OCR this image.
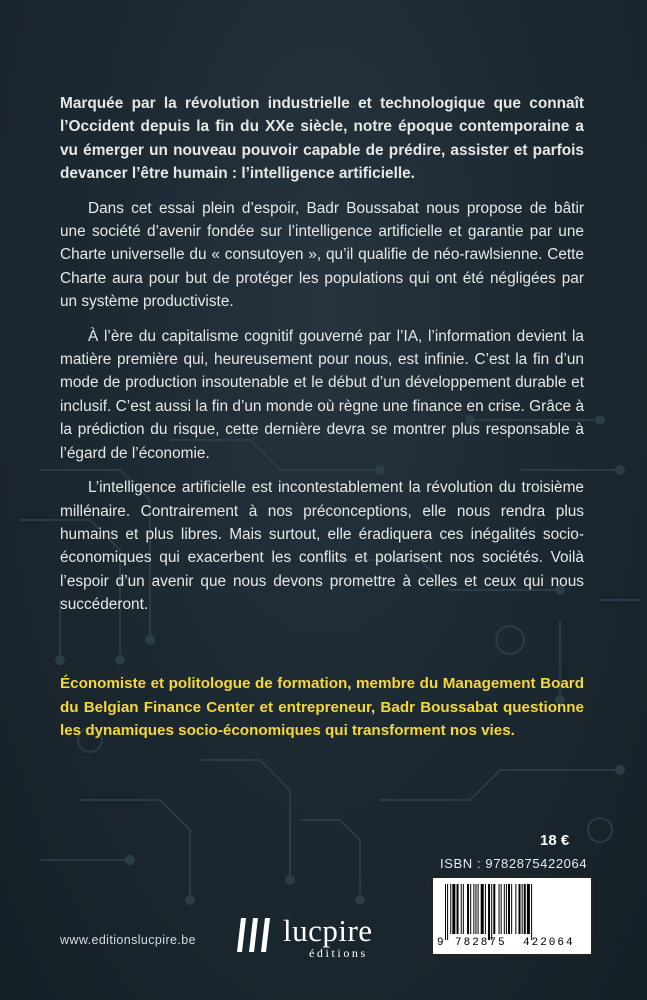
Marquée par la révolution industrielle et technologique que connaît l’Occident depuis la fin du XXe siècle, notre époque contemporaine a vu émerger un nouveau pouvoir capable de prédire, assister et parfois devancer l’être humain : l’intelligence artificielle.

Dans cet essai plein d’espoir, Badr Boussabat nous propose de bâtir une société d’avenir fondée sur l’intelligence artificielle et garantie par une Charte universelle du « consutoyen », qu’il qualifie de néo-rawlsienne. Cette Charte aura pour but de protéger les populations qui ont été négligées par un système productiviste.

À l’ère du capitalisme cognitif gouverné par l’IA, l’information devient la matière première qui, heureusement pour nous, est infinie. C’est la fin d’un mode de production insoutenable et le début d’un développement durable et inclusif. C’est aussi la fin d’un monde où règne une finance en crise. Grâce à la prédiction du risque, cette dernière devra se montrer plus responsable à l’égard de l’économie.

L’intelligence artificielle est incontestablement la révolution du troisième millénaire. Contrairement à nos préconceptions, elle nous rendra plus humains et plus libres. Mais surtout, elle éradiquera ces inégalités socio-économiques qui exacerbent les conflits et polarisent nos sociétés. Voilà l’espoir d’un avenir que nous devons promettre à celles et ceux qui nous succéderont.

Économiste et politologue de formation, membre du Management Board du Belgian Finance Center et entrepreneur, Badr Boussabat questionne les dynamiques socio-économiques qui transforment nos vies.

18 €
ISBN : 9782875422064
9 782875 422064
lucpire
éditions
www.editionslucpire.be
